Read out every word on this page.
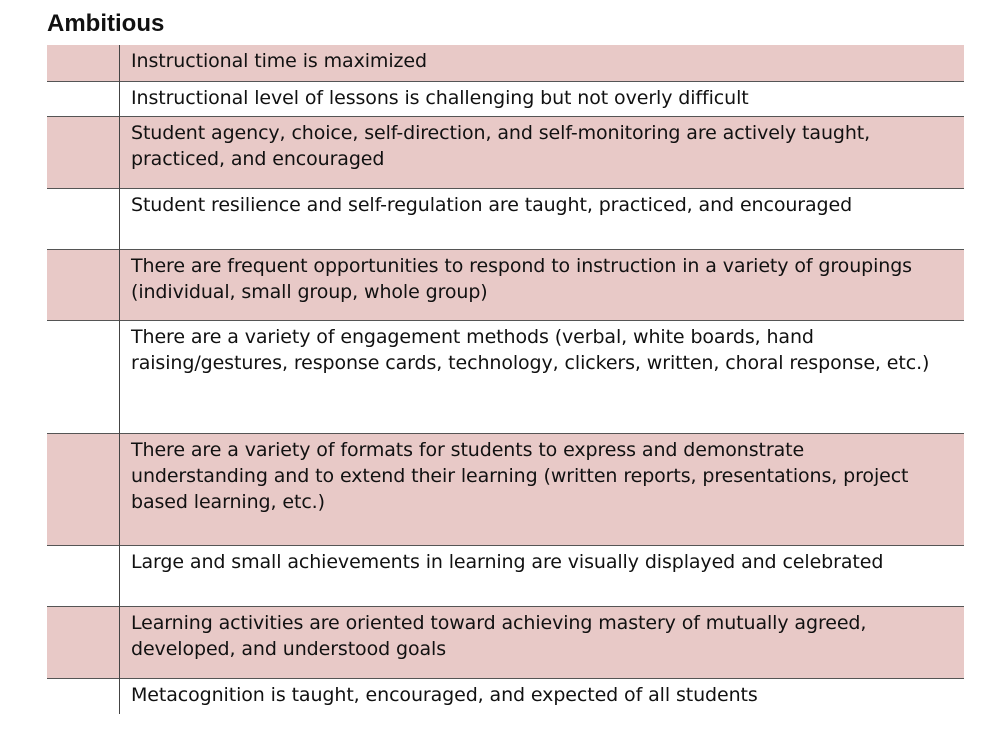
Ambitious
	Instructional time is maximized
	Instructional level of lessons is challenging but not overly difficult
	Student agency, choice, self-direction, and self-monitoring are actively taught, practiced, and encouraged
	Student resilience and self-regulation are taught, practiced, and encouraged
	There are frequent opportunities to respond to instruction in a variety of groupings (individual, small group, whole group)
	There are a variety of engagement methods (verbal, white boards, hand raising/gestures, response cards, technology, clickers, written, choral response, etc.)
	There are a variety of formats for students to express and demonstrate understanding and to extend their learning (written reports, presentations, project based learning, etc.)
	Large and small achievements in learning are visually displayed and celebrated
	Learning activities are oriented toward achieving mastery of mutually agreed, developed, and understood goals
	Metacognition is taught, encouraged, and expected of all students
